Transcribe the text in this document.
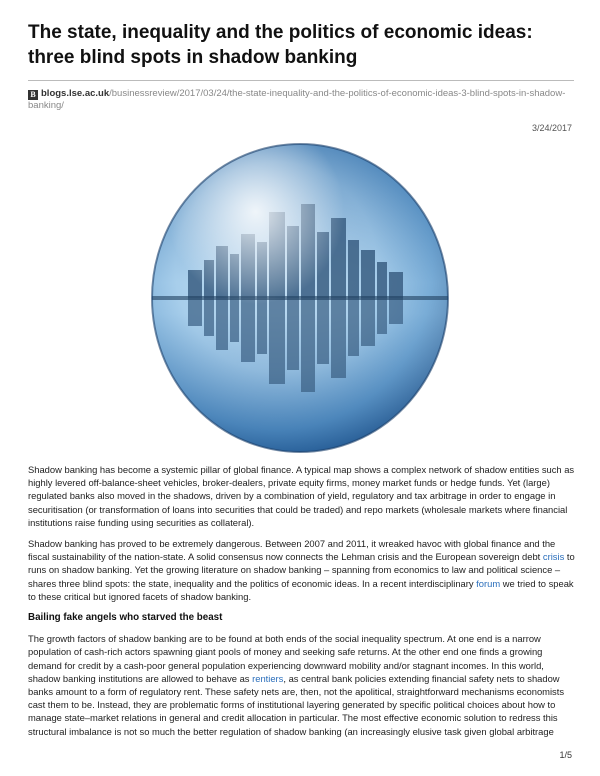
The state, inequality and the politics of economic ideas: three blind spots in shadow banking
B blogs.lse.ac.uk/businessreview/2017/03/24/the-state-inequality-and-the-politics-of-economic-ideas-3-blind-spots-in-shadow-banking/
3/24/2017

Shadow banking has become a systemic pillar of global finance. A typical map shows a complex network of shadow entities such as highly levered off-balance-sheet vehicles, broker-dealers, private equity firms, money market funds or hedge funds. Yet (large) regulated banks also moved in the shadows, driven by a combination of yield, regulatory and tax arbitrage in order to engage in securitisation (or transformation of loans into securities that could be traded) and repo markets (wholesale markets where financial institutions raise funding using securities as collateral).

Shadow banking has proved to be extremely dangerous. Between 2007 and 2011, it wreaked havoc with global finance and the fiscal sustainability of the nation-state. A solid consensus now connects the Lehman crisis and the European sovereign debt crisis to runs on shadow banking. Yet the growing literature on shadow banking – spanning from economics to law and political science – shares three blind spots: the state, inequality and the politics of economic ideas. In a recent interdisciplinary forum we tried to speak to these critical but ignored facets of shadow banking.

Bailing fake angels who starved the beast

The growth factors of shadow banking are to be found at both ends of the social inequality spectrum. At one end is a narrow population of cash-rich actors spawning giant pools of money and seeking safe returns. At the other end one finds a growing demand for credit by a cash-poor general population experiencing downward mobility and/or stagnant incomes. In this world, shadow banking institutions are allowed to behave as rentiers, as central bank policies extending financial safety nets to shadow banks amount to a form of regulatory rent. These safety nets are, then, not the apolitical, straightforward mechanisms economists cast them to be. Instead, they are problematic forms of institutional layering generated by specific political choices about how to manage state–market relations in general and credit allocation in particular. The most effective economic solution to redress this structural imbalance is not so much the better regulation of shadow banking (an increasingly elusive task given global arbitrage

1/5
